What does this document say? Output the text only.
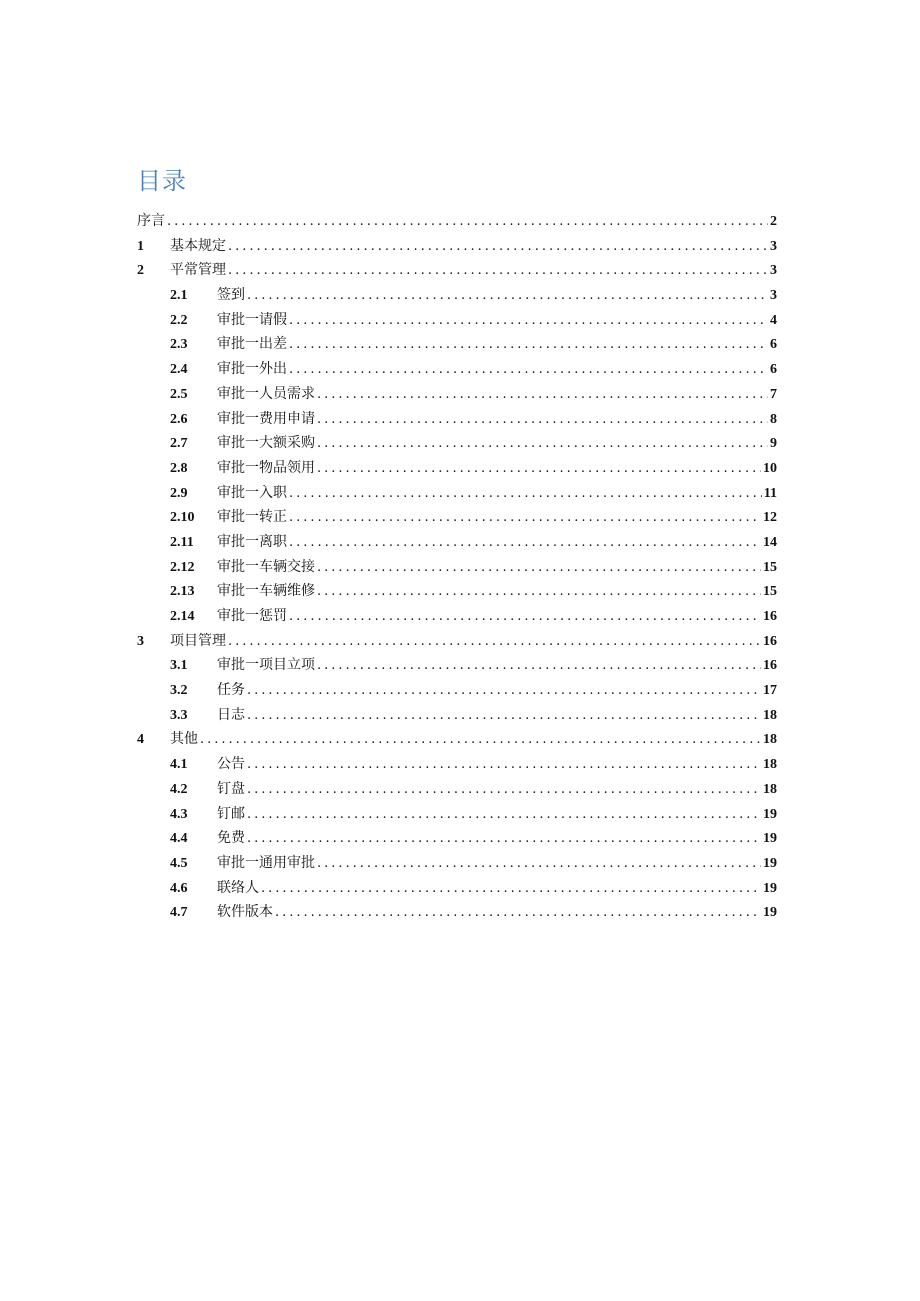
目录
序言 .....	2
1	基本规定 .....	3
2	平常管理 .....	3
2.1	签到 .....	3
2.2	审批一请假 .....	4
2.3	审批一出差 .....	6
2.4	审批一外出 .....	6
2.5	审批一人员需求 .....	7
2.6	审批一费用申请 .....	8
2.7	审批一大额采购 .....	9
2.8	审批一物品领用 .....	10
2.9	审批一入职 .....	11
2.10	审批一转正 .....	12
2.11	审批一离职 .....	14
2.12	审批一车辆交接 .....	15
2.13	审批一车辆维修 .....	15
2.14	审批一惩罚 .....	16
3	项目管理 .....	16
3.1	审批一项目立项 .....	16
3.2	任务 .....	17
3.3	日志 .....	18
4	其他 .....	18
4.1	公告 .....	18
4.2	钉盘 .....	18
4.3	钉邮 .....	19
4.4	免费 .....	19
4.5	审批一通用审批 .....	19
4.6	联络人 .....	19
4.7	软件版本 .....	19
